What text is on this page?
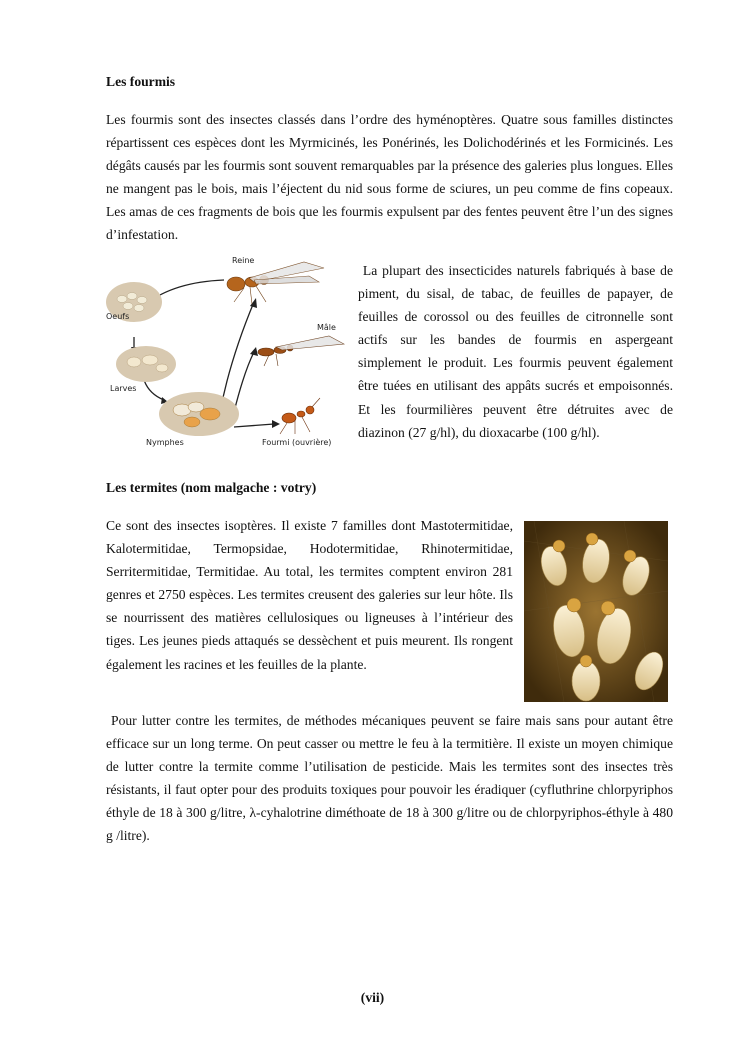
Les fourmis

Les fourmis sont des insectes classés dans l’ordre des hyménoptères. Quatre sous familles distinctes répartissent ces espèces dont les Myrmicinés, les Ponérinés, les Dolichodérinés et les Formicinés. Les dégâts causés par les fourmis sont souvent remarquables par la présence des galeries plus longues. Elles ne mangent pas le bois, mais l’éjectent du nid sous forme de sciures, un peu comme de fins copeaux. Les amas de ces fragments de bois que les fourmis expulsent par des fentes peuvent être l’un des signes d’infestation.

Reine
Oeufs
Mâle
Larves
Nymphes	Fourmi (ouvrière)

La plupart des insecticides naturels fabriqués à base de piment, du sisal, de tabac, de feuilles de papayer, de feuilles de corossol ou des feuilles de citronnelle sont actifs sur les bandes de fourmis en aspergeant simplement le produit. Les fourmis peuvent également être tuées en utilisant des appâts sucrés et empoisonnés. Et les fourmilières peuvent être détruites avec de diazinon (27 g/hl), du dioxacarbe (100 g/hl).

Les termites (nom malgache : votry)

Ce sont des insectes isoptères. Il existe 7 familles dont Mastotermitidae, Kalotermitidae, Termopsidae, Hodotermitidae, Rhinotermitidae, Serritermitidae, Termitidae. Au total, les termites comptent environ 281 genres et 2750 espèces. Les termites creusent des galeries sur leur hôte. Ils se nourrissent des matières cellulosiques ou ligneuses à l’intérieur des tiges. Les jeunes pieds attaqués se dessèchent et puis meurent. Ils rongent également les racines et les feuilles de la plante.

Pour lutter contre les termites, de méthodes mécaniques peuvent se faire mais sans pour autant être efficace sur un long terme. On peut casser ou mettre le feu à la termitière. Il existe un moyen chimique de lutter contre la termite comme l’utilisation de pesticide. Mais les termites sont des insectes très résistants, il faut opter pour des produits toxiques pour pouvoir les éradiquer (cyfluthrine chlorpyriphos éthyle de 18 à 300 g/litre, λ-cyhalotrine diméthoate de 18 à 300 g/litre ou de chlorpyriphos-éthyle à 480 g /litre).

(vii)
